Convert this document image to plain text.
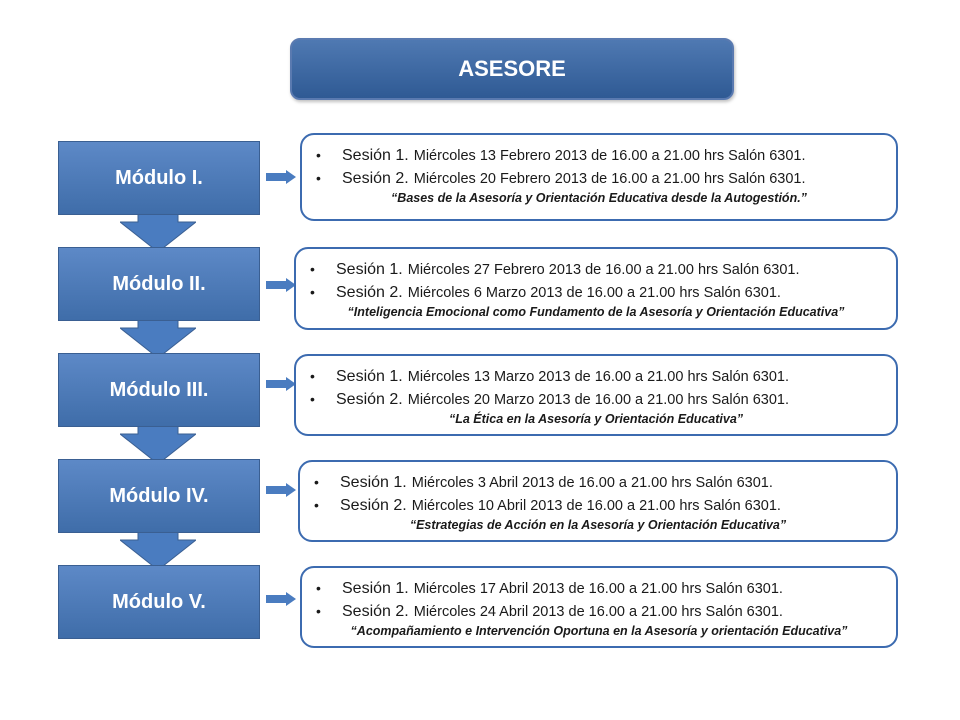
ASESORE
Módulo I.
•	Sesión 1.
Miércoles 13 Febrero 2013 de 16.00 a 21.00 hrs Salón 6301.
•	Sesión 2.
Miércoles 20 Febrero 2013 de 16.00 a 21.00 hrs Salón 6301.
“Bases de la Asesoría y Orientación Educativa desde la Autogestión.”
Módulo II.
•	Sesión 1.
Miércoles 27 Febrero 2013 de 16.00 a 21.00 hrs Salón 6301.
•	Sesión 2.
Miércoles 6 Marzo 2013 de 16.00 a 21.00 hrs Salón 6301.
“Inteligencia Emocional como Fundamento de la Asesoría y Orientación Educativa”
Módulo III.
•	Sesión 1.
Miércoles 13 Marzo 2013 de 16.00 a 21.00 hrs Salón 6301.
•	Sesión 2.
Miércoles 20 Marzo 2013 de 16.00 a 21.00 hrs Salón 6301.
“La Ética en la Asesoría y Orientación Educativa”
Módulo IV.
•	Sesión 1.
Miércoles 3 Abril 2013 de 16.00 a 21.00 hrs Salón 6301.
•	Sesión 2.
Miércoles 10 Abril 2013 de 16.00 a 21.00 hrs Salón 6301.
“Estrategias de Acción en la Asesoría y Orientación Educativa”
Módulo V.
•	Sesión 1.
Miércoles 17 Abril 2013 de 16.00 a 21.00 hrs Salón 6301.
•	Sesión 2.
Miércoles 24 Abril 2013 de 16.00 a 21.00 hrs Salón 6301.
“Acompañamiento e Intervención Oportuna en la Asesoría y orientación Educativa”
